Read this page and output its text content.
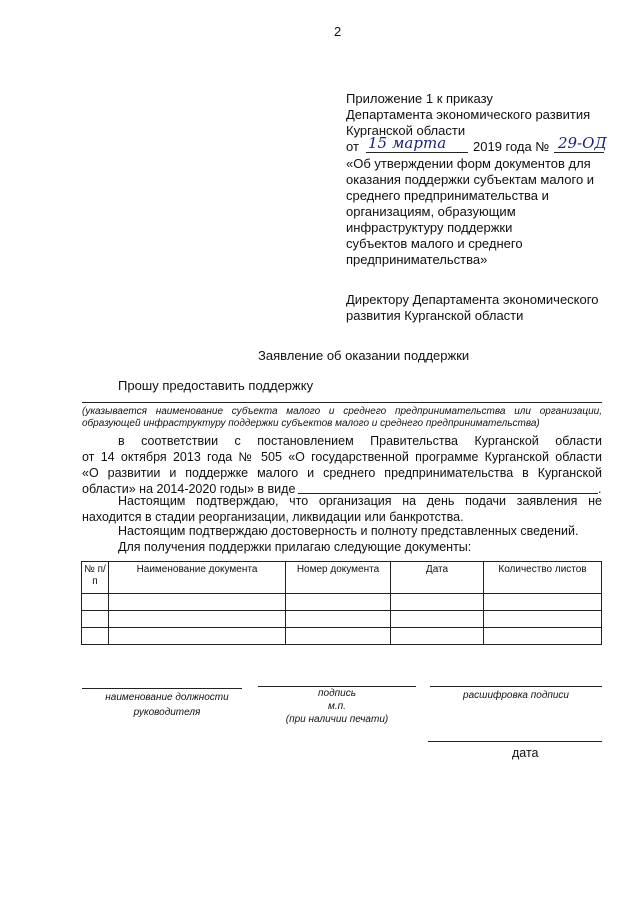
2
Приложение 1 к приказу
Департамента экономического развития
Курганской области
от 15 марта 2019 года № 29-ОД
«Об утверждении форм документов для
оказания поддержки субъектам малого и
среднего предпринимательства и
организациям, образующим
инфраструктуру поддержки
субъектов малого и среднего
предпринимательства»
Директору Департамента экономического
развития Курганской области
Заявление об оказании поддержки
Прошу предоставить поддержку
(указывается наименование субъекта малого и среднего предпринимательства или организации,
образующей инфраструктуру поддержки субъектов малого и среднего предпринимательства)
в соответствии с постановлением Правительства Курганской области
от 14 октября 2013 года № 505 «О государственной программе Курганской области
«О развитии и поддержке малого и среднего предпринимательства в Курганской
области» на 2014-2020 годы» в виде	.
Настоящим подтверждаю, что организация на день подачи заявления не
находится в стадии реорганизации, ликвидации или банкротства.
Настоящим подтверждаю достоверность и полноту представленных сведений.
Для получения поддержки прилагаю следующие документы:
№ п/п	Наименование документа	Номер документа	Дата	Количество листов

наименование должности
руководителя
подпись
м.п.
(при наличии печати)
расшифровка подписи
дата
